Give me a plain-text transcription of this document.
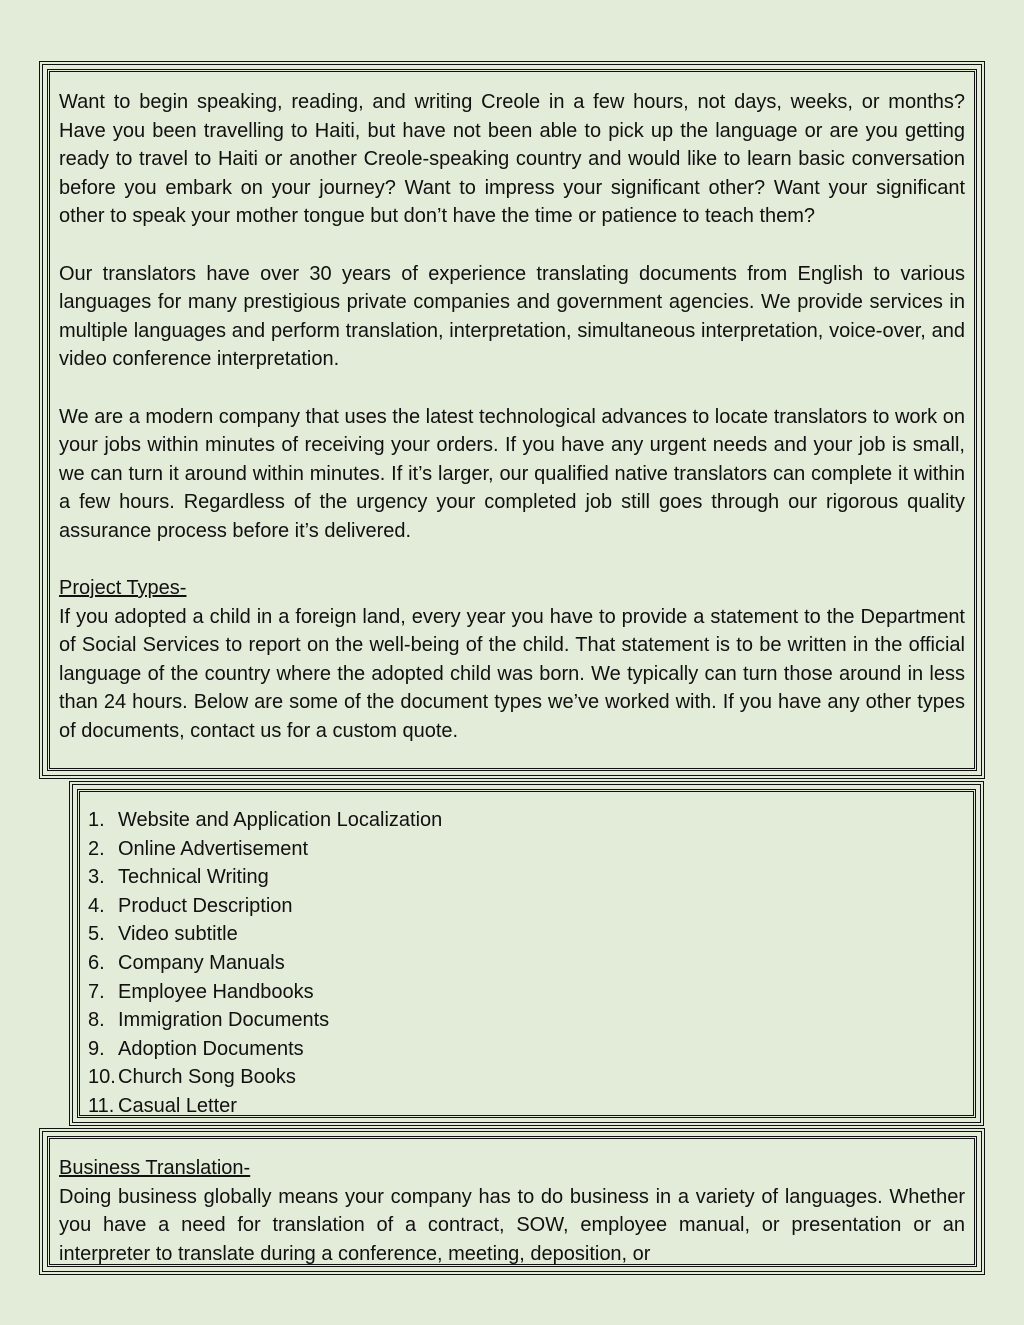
Want to begin speaking, reading, and writing Creole in a few hours, not days, weeks, or months? Have you been travelling to Haiti, but have not been able to pick up the language or are you getting ready to travel to Haiti or another Creole-speaking country and would like to learn basic conversation before you embark on your journey? Want to impress your significant other? Want your significant other to speak your mother tongue but don’t have the time or patience to teach them?

Our translators have over 30 years of experience translating documents from English to various languages for many prestigious private companies and government agencies. We provide services in multiple languages and perform translation, interpretation, simultaneous interpretation, voice-over, and video conference interpretation.

We are a modern company that uses the latest technological advances to locate translators to work on your jobs within minutes of receiving your orders. If you have any urgent needs and your job is small, we can turn it around within minutes. If it’s larger, our qualified native translators can complete it within a few hours. Regardless of the urgency your completed job still goes through our rigorous quality assurance process before it’s delivered.

Project Types-

If you adopted a child in a foreign land, every year you have to provide a statement to the Department of Social Services to report on the well-being of the child. That statement is to be written in the official language of the country where the adopted child was born. We typically can turn those around in less than 24 hours. Below are some of the document types we’ve worked with. If you have any other types of documents, contact us for a custom quote.

1. Website and Application Localization
2. Online Advertisement
3. Technical Writing
4. Product Description
5. Video subtitle
6. Company Manuals
7. Employee Handbooks
8. Immigration Documents
9. Adoption Documents
10. Church Song Books
11. Casual Letter
Business Translation-

Doing business globally means your company has to do business in a variety of languages. Whether you have a need for translation of a contract, SOW, employee manual, or presentation or an interpreter to translate during a conference, meeting, deposition, or
